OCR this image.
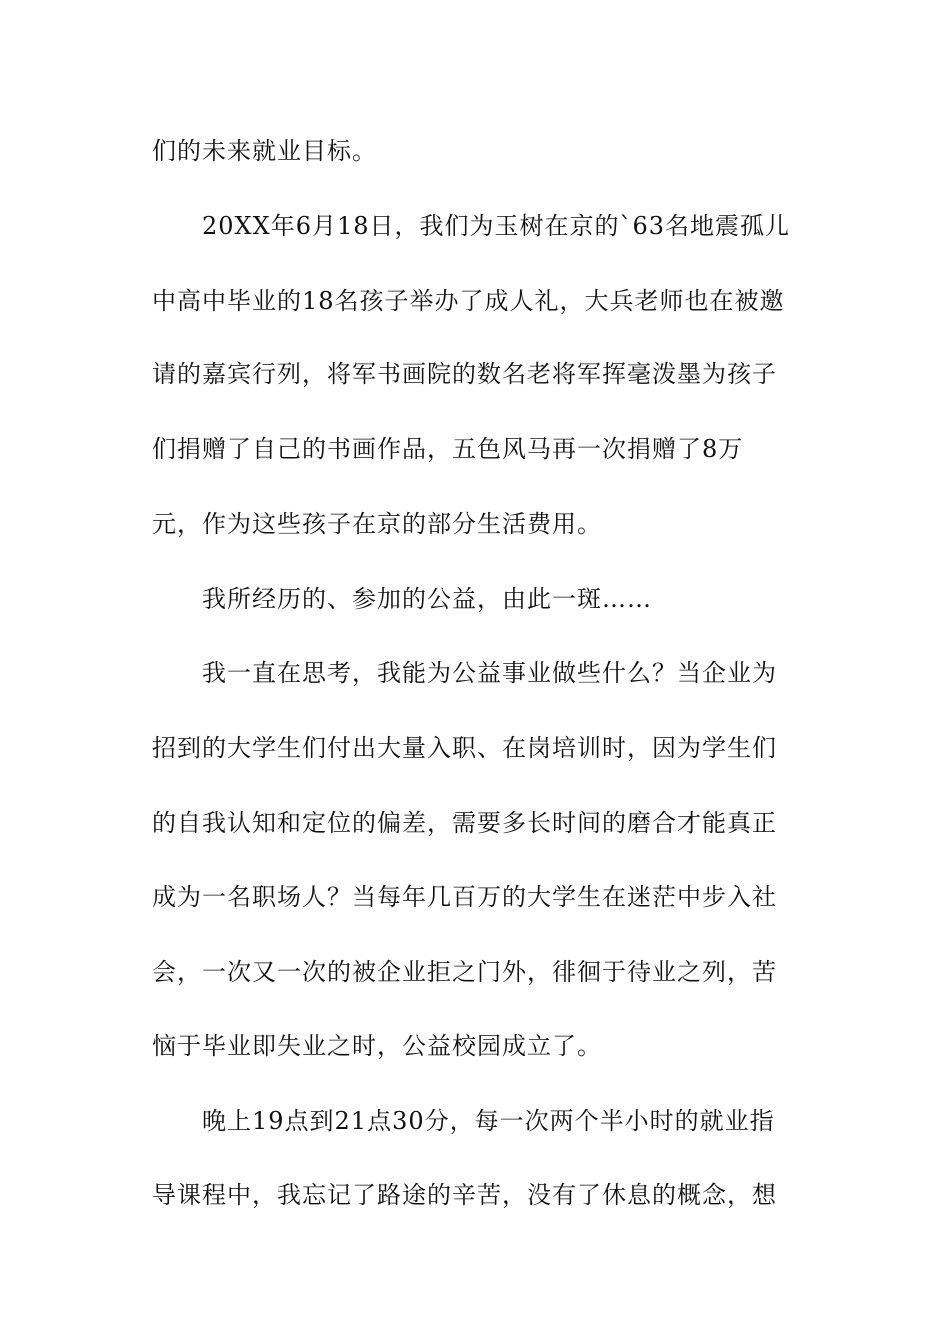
们的未来就业目标。

20XX年6月18日，我们为玉树在京的`63名地震孤儿

中高中毕业的18名孩子举办了成人礼，大兵老师也在被邀

请的嘉宾行列，将军书画院的数名老将军挥毫泼墨为孩子

们捐赠了自己的书画作品，五色风马再一次捐赠了8万

元，作为这些孩子在京的部分生活费用。

我所经历的、参加的公益，由此一斑……

我一直在思考，我能为公益事业做些什么？当企业为

招到的大学生们付出大量入职、在岗培训时，因为学生们

的自我认知和定位的偏差，需要多长时间的磨合才能真正

成为一名职场人？当每年几百万的大学生在迷茫中步入社

会，一次又一次的被企业拒之门外，徘徊于待业之列，苦

恼于毕业即失业之时，公益校园成立了。

晚上19点到21点30分，每一次两个半小时的就业指

导课程中，我忘记了路途的辛苦，没有了休息的概念，想
